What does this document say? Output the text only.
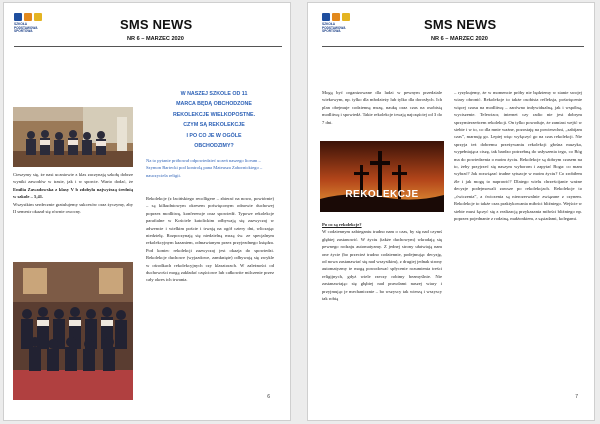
SZKOŁA PODSTAWOWA SPORTOWA	SMS NEWS
NR 6 – MARZEC 2020

Cieszymy się, że nasi uczniowie z klas zaczynają szkołę dobrze wyniki zawodów w trasie, jak i w sporcie. Warto dodać, że Emilia Zawadowska z klasy V b zdobyła najwyższą średnią w szkole – 5,41.

Wszystkim serdecznie gratulujemy sukcesów oraz życzymy, aby II semestr okazał się równie owocny.

W NASZEJ SZKOLE OD 11
MARCA BĘDĄ OBCHODZONE
REKOLEKCJE WIELKOPOSTNE.
CZYM SĄ REKOLEKCJE
I PO CO JE W OGÓLE
OBCHODZIMY?
Na to pytanie próbował odpowiedzieć uczeń naszego liceum – Szymon Bartecki pod kontrolą pana Mateusza Zabornickiego – nauczyciela religii.
Rekolekcje (z łacińskiego recolligere – zbierać na nowo, powtórnie) – są kilkudniowym okresem poświęconym odnowie duchowej poprzez modlitwę, konferencje oraz spowiedź. Typowe rekolekcje parafialne w Kościele katolickim odbywają się zazwyczaj w adwencie i wielkim poście i trwają na ogół cztery dni, wliczając niedzielę. Rozpoczynają się niedzielną mszą św. ze specjalnym rekolekcyjnym kazaniem, odmawianym przez przyjezdnego księdza. Pod koniec rekolekcji zazwyczaj jest okazja do spowiedzi. Rekolekcje duchowe (wyjazdowe, zamknięte) odbywają się zwykle w ośrodkach rekolekcyjnych czy klasztorach. W zależności od duchowości mogą zakładać częściowe lub całkowite milczenie przez cały okres ich trwania.
6
SZKOŁA PODSTAWOWA SPORTOWA	SMS NEWS
NR 6 – MARZEC 2020
Mogą być organizowane dla ludzi w pewnym przedziale wiekowym, np. tylko dla młodzieży lub tylko dla dorosłych. Ich plan obejmuje codzienną mszę, naukę oraz czas na osobistą modlitwę i spowiedź. Takie rekolekcje trwają najczęściej od 3 do 7 dni.
REKOLEKCJE

Po co są rekolekcje?

W codziennym zabieganiu trudno nam o czas, by się nad czymś głębiej zastanowić. W życiu (także duchowym) wkradają się pewnego rodzaju automatyzmy. Z jednej strony ułatwiają nam one życie (bo przecież trudno codziennie, podejmując decyzję, od nowa zastanawiać się nad wszystkim), z drugiej jednak strony automatyzmy te mogą powodować spłycenie rozumienia treści religijnych, gdyż wiele rzeczy robimy bezmyślnie. Nie zastanawiając się głębiej nad prawdami naszej wiary i przyjmując je mechanicznie – bo wszyscy tak wierzą i wszyscy tak robią

– ryzykujemy, że w momencie próby nie będziemy w stanie swojej wiary obronić. Rekolekcje to także osobista refleksja, poświęcenie więcej czasu na modlitwę – zarówno indywidualną, jak i wspólną, wyciszenie. Telewizor, internet czy radio nie jest dobrym sprzymierzeńcem rekolekcji. On tylko powoduje, że zamiast wejść w siebie i w to, co dla mnie ważne, pozostaję na powierzchni, „zabijam czas”, marnuję go. Lepiej więc wyłączyć go na czas rekolekcji. Nie sprzyja też dobremu przeżywaniu rekolekcji głośna muzyka, wypełniająca ciszę, tak bardzo potrzebną do usłyszenia tego, co Bóg ma do powiedzenia o moim życiu. Rekolekcje są dobrym czasem na to, żeby przyjrzeć się naszym wyborom i zapytać Boga: co mam wybrać? Jak rozwiązać trudne sytuacje w moim życiu? Co zrobiłem źle i jak mogę to naprawić? Dlatego wielu chrześcijanie ważne decyzje podejmowali zawsze po rekolekcjach. Rekolekcje to „ćwiczenia”, a ćwiczenia są nierozerwalnie związane z czynem. Rekolekcje to także czas praktykowania miłości bliźniego. Wejście w siebie musi łączyć się z realizacją przykazania miłości bliźniego np. poprzez pojednanie z rodziną, małżonkiem, z sąsiadami, kolegami.
7
